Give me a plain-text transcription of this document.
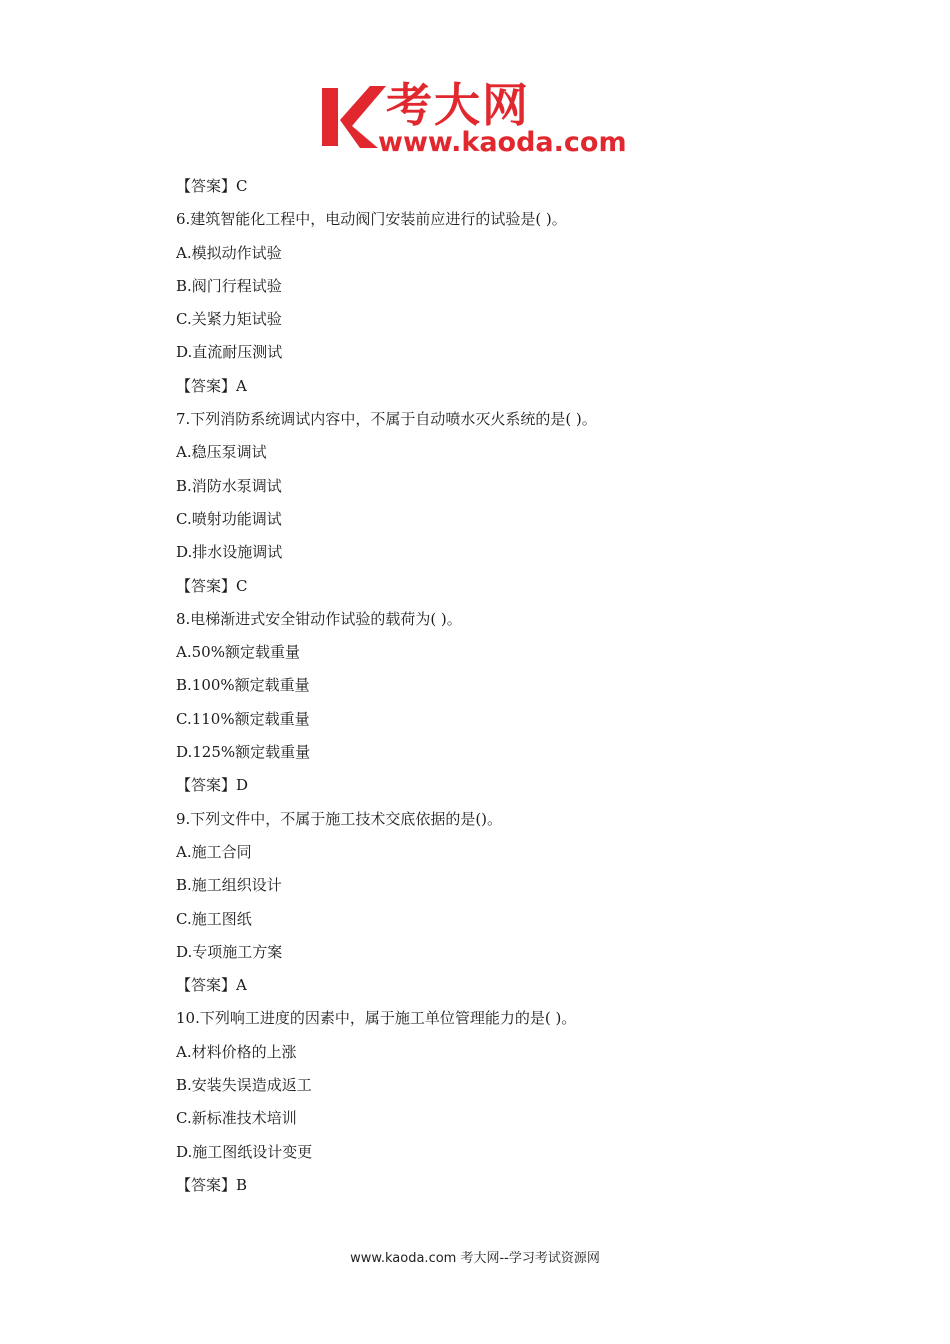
考大网
www.kaoda.com
【答案】C
6.建筑智能化工程中，电动阀门安装前应进行的试验是( )。
A.模拟动作试验
B.阀门行程试验
C.关紧力矩试验
D.直流耐压测试
【答案】A
7.下列消防系统调试内容中，不属于自动喷水灭火系统的是( )。
A.稳压泵调试
B.消防水泵调试
C.喷射功能调试
D.排水设施调试
【答案】C
8.电梯渐进式安全钳动作试验的载荷为( )。
A.50%额定载重量
B.100%额定载重量
C.110%额定载重量
D.125%额定载重量
【答案】D
9.下列文件中，不属于施工技术交底依据的是()。
A.施工合同
B.施工组织设计
C.施工图纸
D.专项施工方案
【答案】A
10.下列响工进度的因素中，属于施工单位管理能力的是( )。
A.材料价格的上涨
B.安装失误造成返工
C.新标准技术培训
D.施工图纸设计变更
【答案】B
www.kaoda.com 考大网--学习考试资源网
